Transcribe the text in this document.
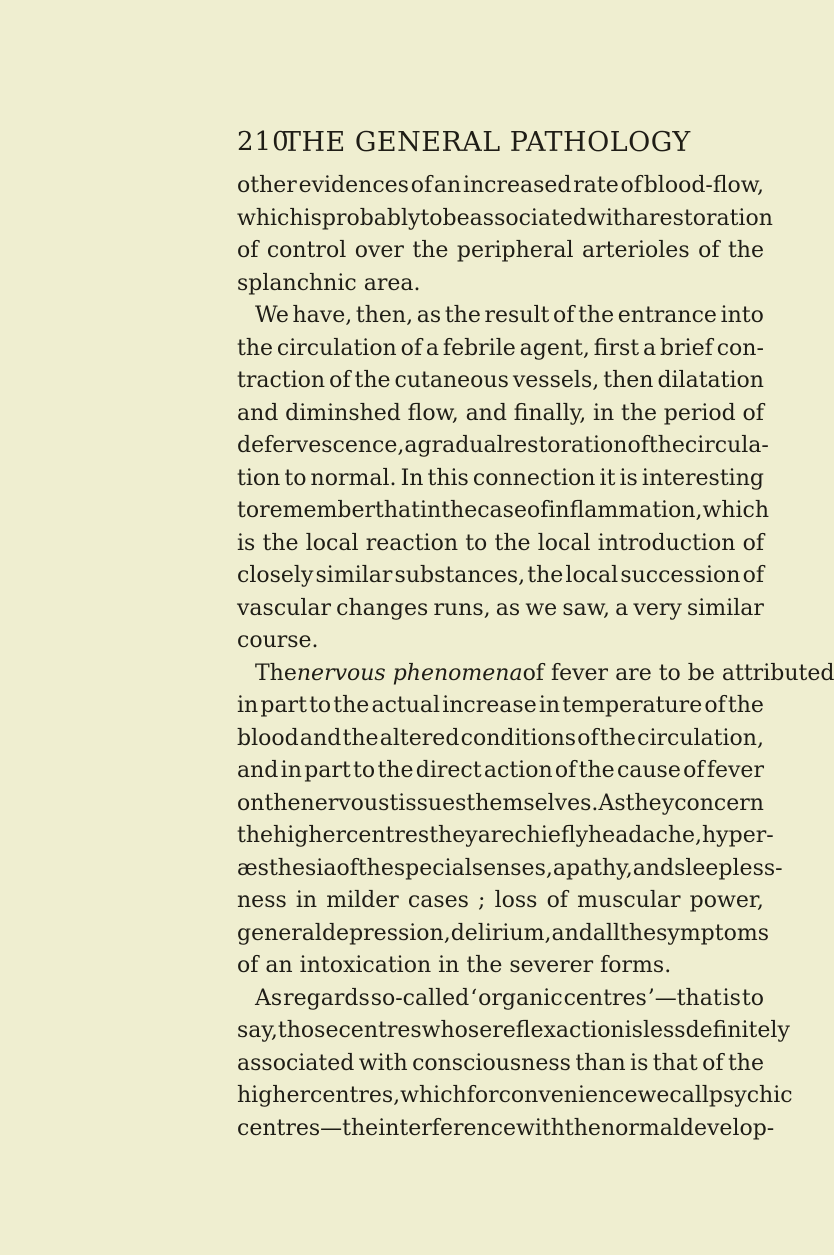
210
THE GENERAL PATHOLOGY
other evidences of an increased rate of blood-flow,
which is probably to be associated with a restoration
of control over the peripheral arterioles of the
splanchnic area.
We have, then, as the result of the entrance into
the circulation of a febrile agent, first a brief con-
traction of the cutaneous vessels, then dilatation
and diminshed flow, and finally, in the period of
defervescence, a gradual restoration of the circula-
tion to normal. In this connection it is interesting
to remember that in the case of inflammation, which
is the local reaction to the local introduction of
closely similar substances, the local succession of
vascular changes runs, as we saw, a very similar
course.
The nervous phenomena of fever are to be attributed
in part to the actual increase in temperature of the
blood and the altered conditions of the circulation,
and in part to the direct action of the cause of fever
on the nervous tissues themselves. As they concern
the higher centres they are chiefly headache, hyper-
æsthesia of the special senses, apathy, and sleepless-
ness in milder cases ; loss of muscular power,
general depression, delirium, and all the symptoms
of an intoxication in the severer forms.
As regards so-called ‘ organic centres ’—that is to
say, those centres whose reflex action is less definitely
associated with consciousness than is that of the
higher centres, which for convenience we call psychic
centres—the interference with the normal develop-
